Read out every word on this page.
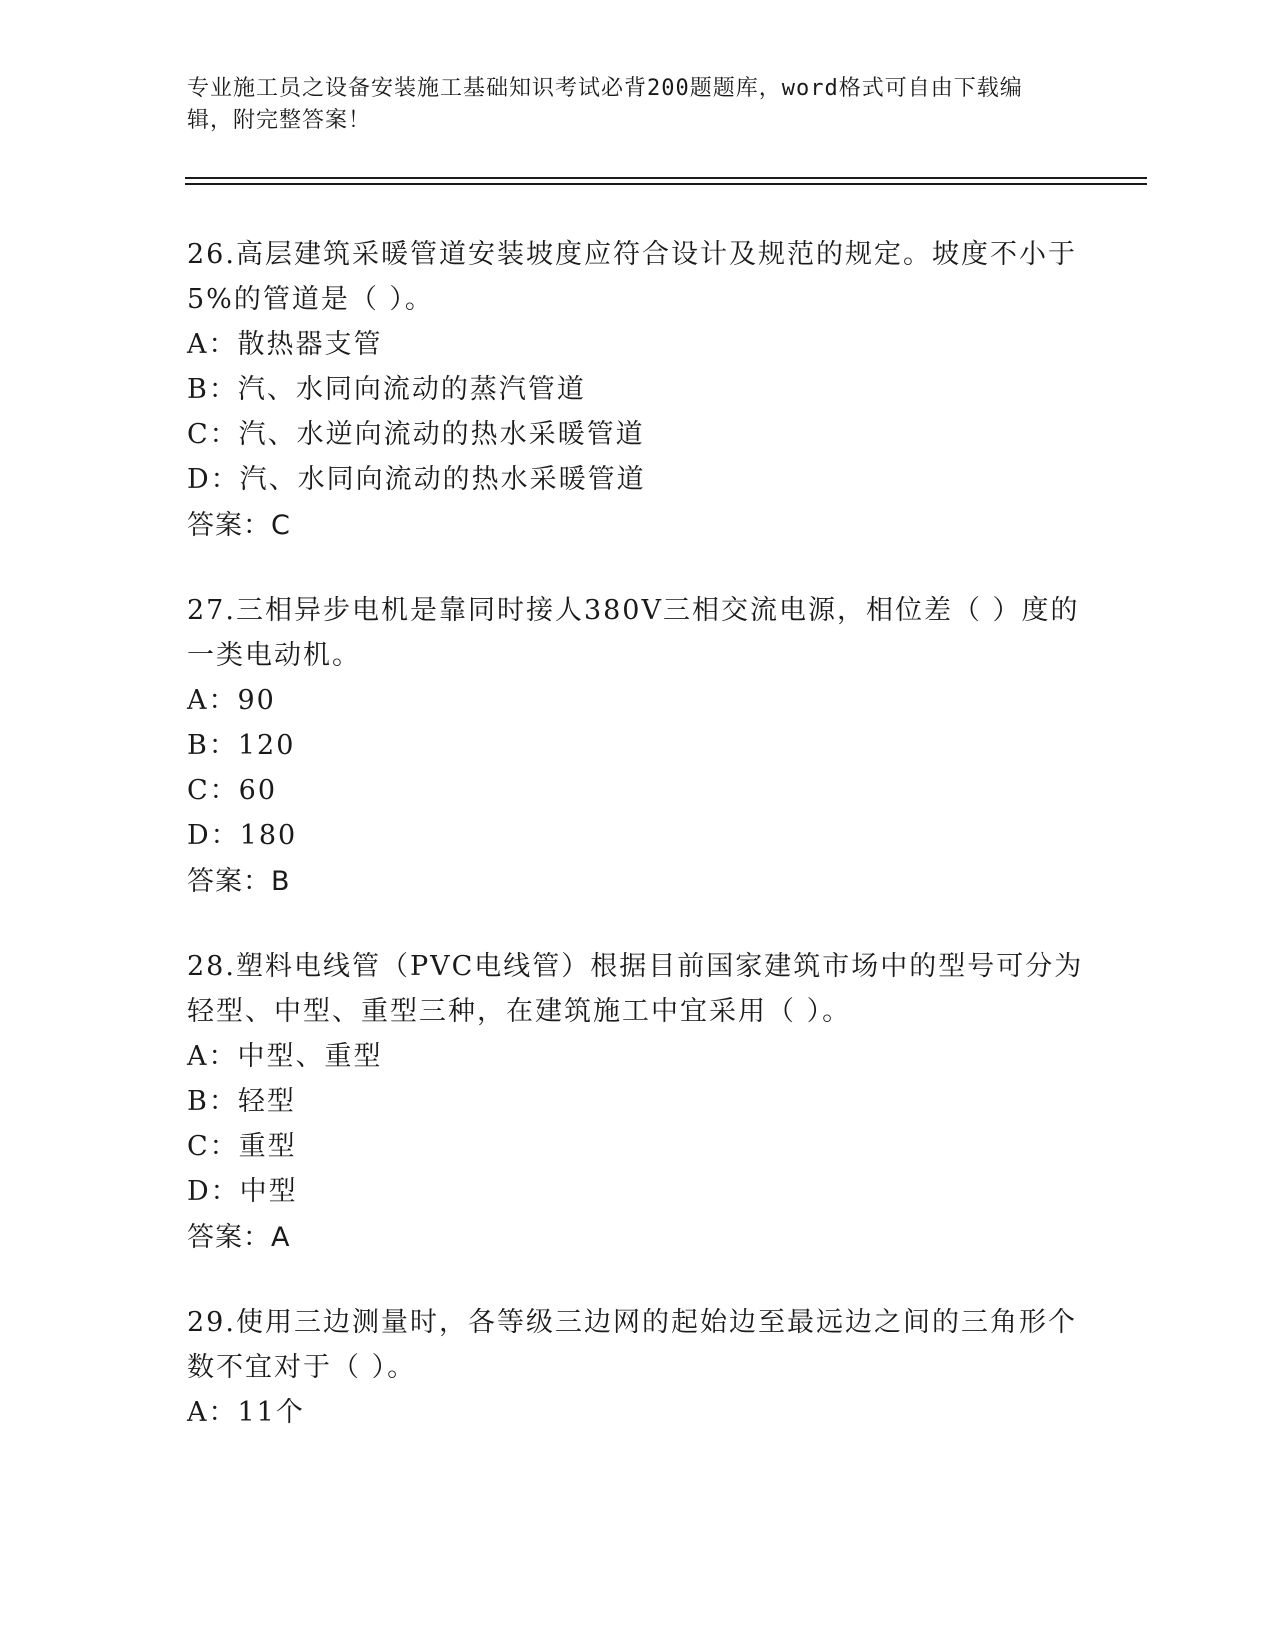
专业施工员之设备安装施工基础知识考试必背200题题库，word格式可自由下载编辑，附完整答案！
26.高层建筑采暖管道安装坡度应符合设计及规范的规定。坡度不小于5%的管道是（ ）。
A：散热器支管
B：汽、水同向流动的蒸汽管道
C：汽、水逆向流动的热水采暖管道
D：汽、水同向流动的热水采暖管道
答案：C
27.三相异步电机是靠同时接人380V三相交流电源，相位差（ ）度的一类电动机。
A：90
B：120
C：60
D：180
答案：B
28.塑料电线管（PVC电线管）根据目前国家建筑市场中的型号可分为轻型、中型、重型三种，在建筑施工中宜采用（ ）。
A：中型、重型
B：轻型
C：重型
D：中型
答案：A
29.使用三边测量时，各等级三边网的起始边至最远边之间的三角形个数不宜对于（ ）。
A：11个
